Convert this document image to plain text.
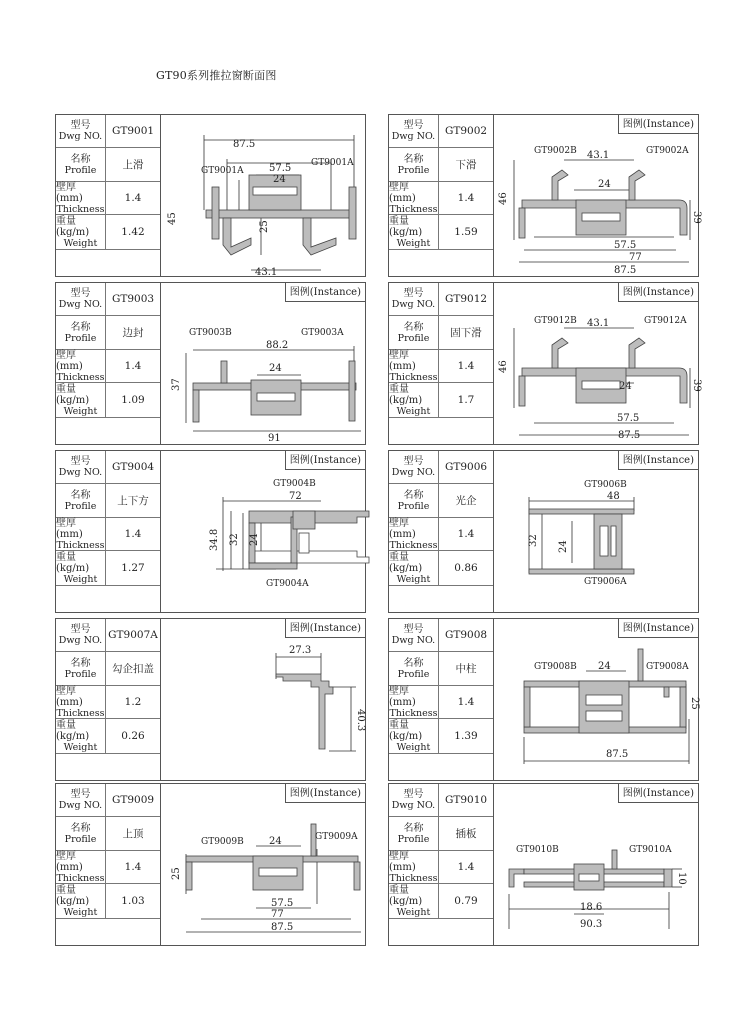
GT90系列推拉窗断面图
型号
Dwg NO. GT9001
名称
Profile	上滑
壁厚 (mm)
Thickness
1.4
重量 (kg/m)
Weight
1.42
87.5
57.5
24
43.1
GT9001A
GT9001A
45
25
型号
Dwg NO. GT9002
名称
Profile	下滑
壁厚 (mm)
Thickness
1.4
重量 (kg/m)
Weight
1.59
图例(Instance)
GT9002B	GT9002A
43.1
24
57.5
77
87.5
46
39
型号
Dwg NO. GT9003
名称
Profile	边封
壁厚 (mm)
Thickness
1.4
重量 (kg/m)
Weight
1.09
图例(Instance)
GT9003B	GT9003A
88.2
24
91
37
型号
Dwg NO. GT9012
名称
Profile	固下滑
壁厚 (mm)
Thickness
1.4
重量 (kg/m)
Weight
1.7
图例(Instance)
GT9012B	GT9012A
43.1
24
57.5
87.5
46
39
型号
Dwg NO. GT9004
名称
Profile	上下方
壁厚 (mm)
Thickness
1.4
重量 (kg/m)
Weight
1.27
图例(Instance)
GT9004B
GT9004A
72
34.8 32 24
型号
Dwg NO. GT9006
名称
Profile	光企
壁厚 (mm)
Thickness
1.4
重量 (kg/m)
Weight
0.86
图例(Instance)
GT9006B
GT9006A
48
32 24
型号
Dwg NO. GT9007A
名称
Profile	勾企扣盖
壁厚 (mm)
Thickness
1.2
重量 (kg/m)
Weight
0.26
图例(Instance)
27.3
40.3
型号
Dwg NO. GT9008
名称
Profile	中柱
壁厚 (mm)
Thickness
1.4
重量 (kg/m)
Weight
1.39
图例(Instance)
GT9008B	GT9008A
24
87.5
25
型号
Dwg NO. GT9009
名称
Profile	上顶
壁厚 (mm)
Thickness
1.4
重量 (kg/m)
Weight
1.03
图例(Instance)
GT9009B	GT9009A
24
57.5
77
87.5
25
型号
Dwg NO. GT9010
名称
Profile	插板
壁厚 (mm)
Thickness
1.4
重量 (kg/m)
Weight
0.79
图例(Instance)
GT9010B	GT9010A
18.6
90.3
10
